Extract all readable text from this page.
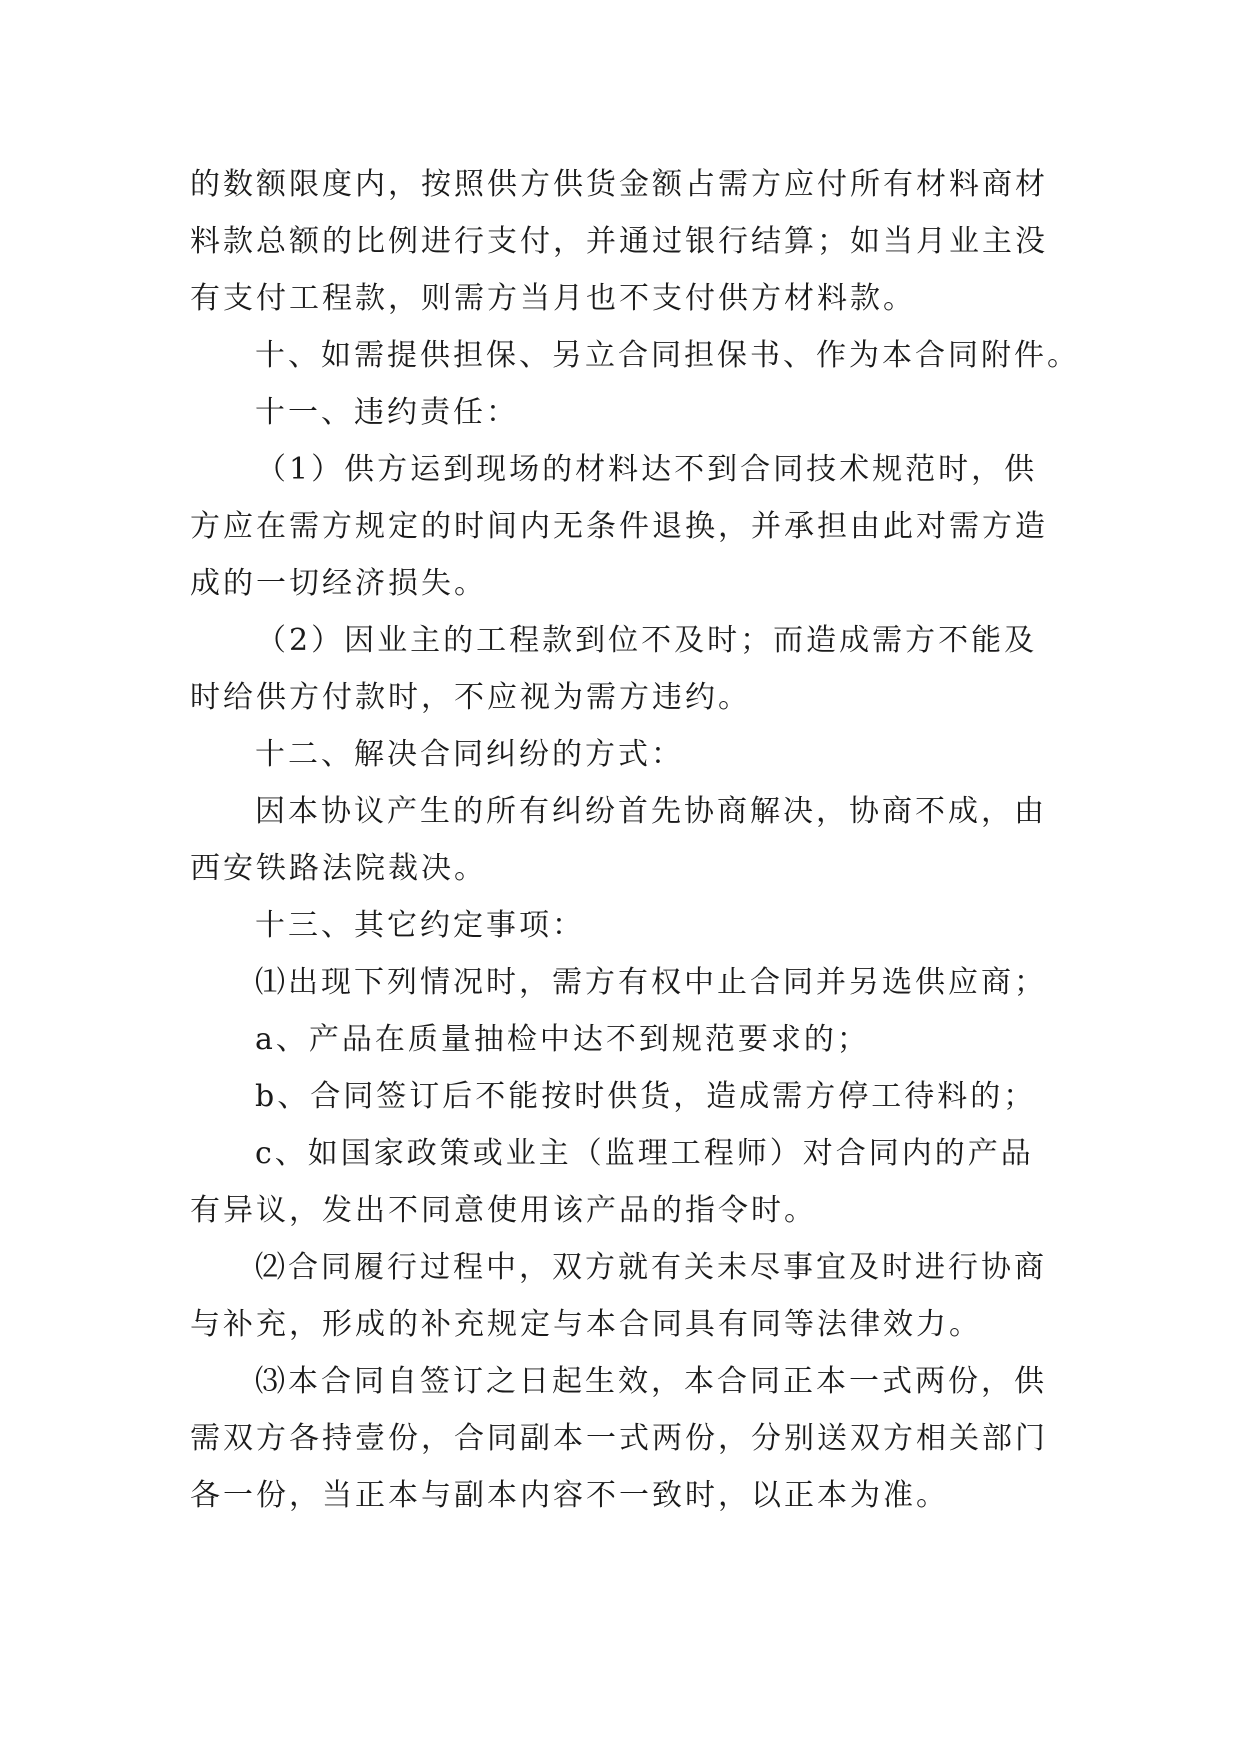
的数额限度内，按照供方供货金额占需方应付所有材料商材
料款总额的比例进行支付，并通过银行结算；如当月业主没
有支付工程款，则需方当月也不支付供方材料款。
十、如需提供担保、另立合同担保书、作为本合同附件。
十一、违约责任：
（1）供方运到现场的材料达不到合同技术规范时，供
方应在需方规定的时间内无条件退换，并承担由此对需方造
成的一切经济损失。
（2）因业主的工程款到位不及时；而造成需方不能及
时给供方付款时，不应视为需方违约。
十二、解决合同纠纷的方式：
因本协议产生的所有纠纷首先协商解决，协商不成，由
西安铁路法院裁决。
十三、其它约定事项：
⑴出现下列情况时，需方有权中止合同并另选供应商；
a、产品在质量抽检中达不到规范要求的；
b、合同签订后不能按时供货，造成需方停工待料的；
c、如国家政策或业主（监理工程师）对合同内的产品
有异议，发出不同意使用该产品的指令时。
⑵合同履行过程中，双方就有关未尽事宜及时进行协商
与补充，形成的补充规定与本合同具有同等法律效力。
⑶本合同自签订之日起生效，本合同正本一式两份，供
需双方各持壹份，合同副本一式两份，分别送双方相关部门
各一份，当正本与副本内容不一致时，以正本为准。
